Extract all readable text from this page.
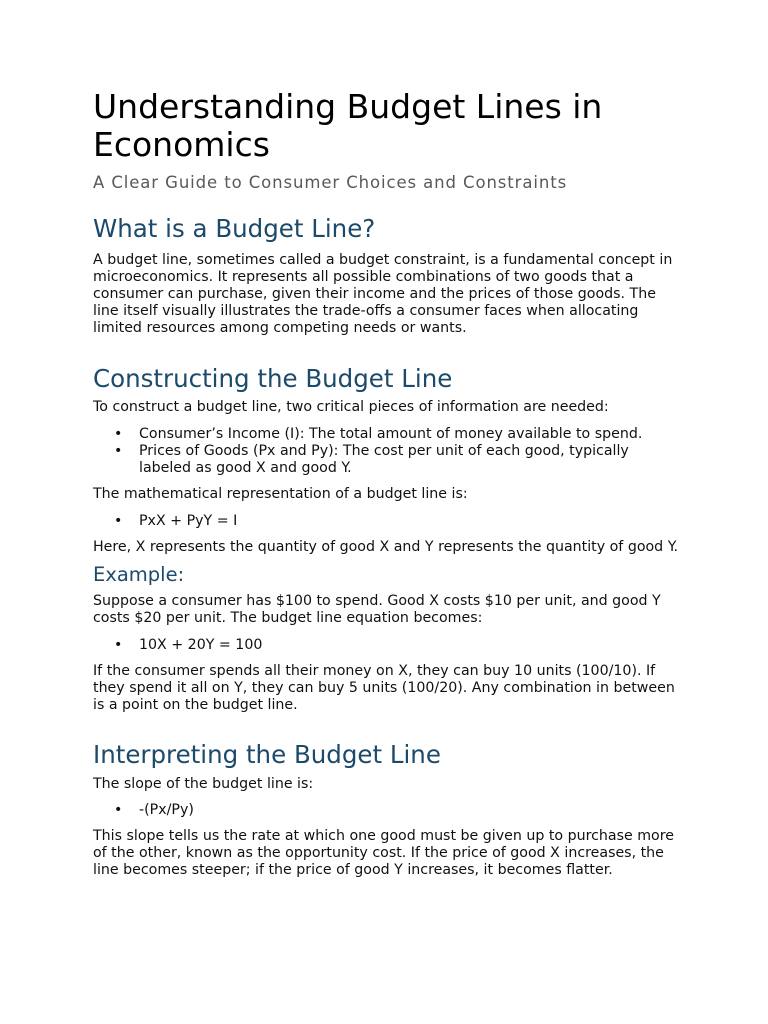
Understanding Budget Lines in Economics
A Clear Guide to Consumer Choices and Constraints
What is a Budget Line?

A budget line, sometimes called a budget constraint, is a fundamental concept in microeconomics. It represents all possible combinations of two goods that a consumer can purchase, given their income and the prices of those goods. The line itself visually illustrates the trade-offs a consumer faces when allocating limited resources among competing needs or wants.

Constructing the Budget Line

To construct a budget line, two critical pieces of information are needed:

• Consumer’s Income (I): The total amount of money available to spend.
• Prices of Goods (Px and Py): The cost per unit of each good, typically labeled as good X and good Y.

The mathematical representation of a budget line is:

• PxX + PyY = I

Here, X represents the quantity of good X and Y represents the quantity of good Y.

Example:

Suppose a consumer has $100 to spend. Good X costs $10 per unit, and good Y costs $20 per unit. The budget line equation becomes:

• 10X + 20Y = 100

If the consumer spends all their money on X, they can buy 10 units (100/10). If they spend it all on Y, they can buy 5 units (100/20). Any combination in between is a point on the budget line.

Interpreting the Budget Line

The slope of the budget line is:

• -(Px/Py)

This slope tells us the rate at which one good must be given up to purchase more of the other, known as the opportunity cost. If the price of good X increases, the line becomes steeper; if the price of good Y increases, it becomes flatter.
